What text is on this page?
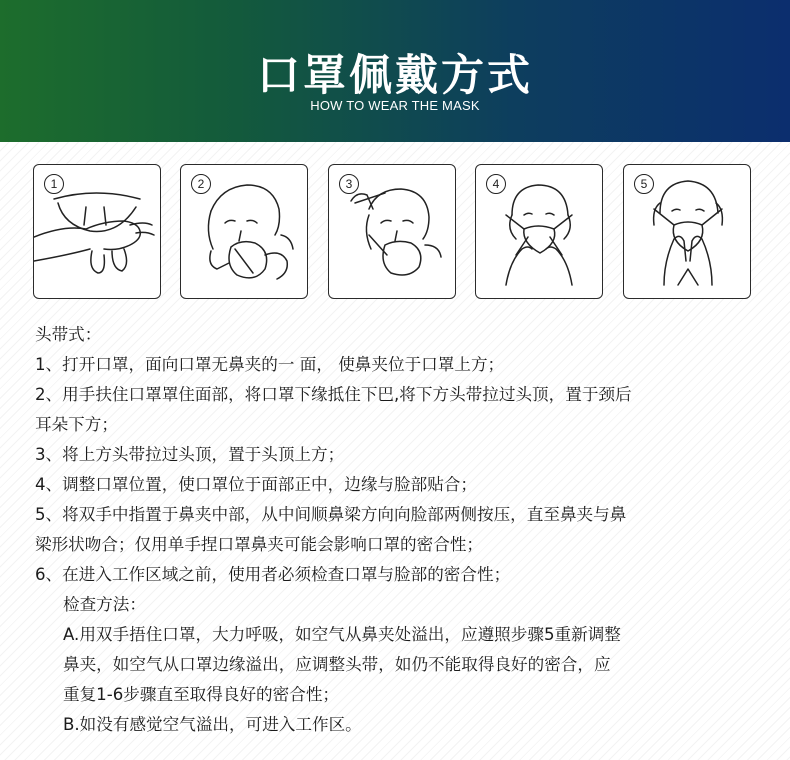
口罩佩戴方式
HOW TO WEAR THE MASK
1	2	3	4	5

头带式：

1、打开口罩，面向口罩无鼻夹的一 面， 使鼻夹位于口罩上方；

2、用手扶住口罩罩住面部，将口罩下缘抵住下巴,将下方头带拉过头顶，置于颈后

耳朵下方；

3、将上方头带拉过头顶，置于头顶上方；

4、调整口罩位置，使口罩位于面部正中，边缘与脸部贴合；

5、将双手中指置于鼻夹中部，从中间顺鼻梁方向向脸部两侧按压，直至鼻夹与鼻

梁形状吻合；仅用单手捏口罩鼻夹可能会影响口罩的密合性；

6、在进入工作区域之前，使用者必须检查口罩与脸部的密合性；

检查方法：

A.用双手捂住口罩，大力呼吸，如空气从鼻夹处溢出，应遵照步骤5重新调整

鼻夹，如空气从口罩边缘溢出，应调整头带，如仍不能取得良好的密合，应

重复1-6步骤直至取得良好的密合性；

B.如没有感觉空气溢出，可进入工作区。
